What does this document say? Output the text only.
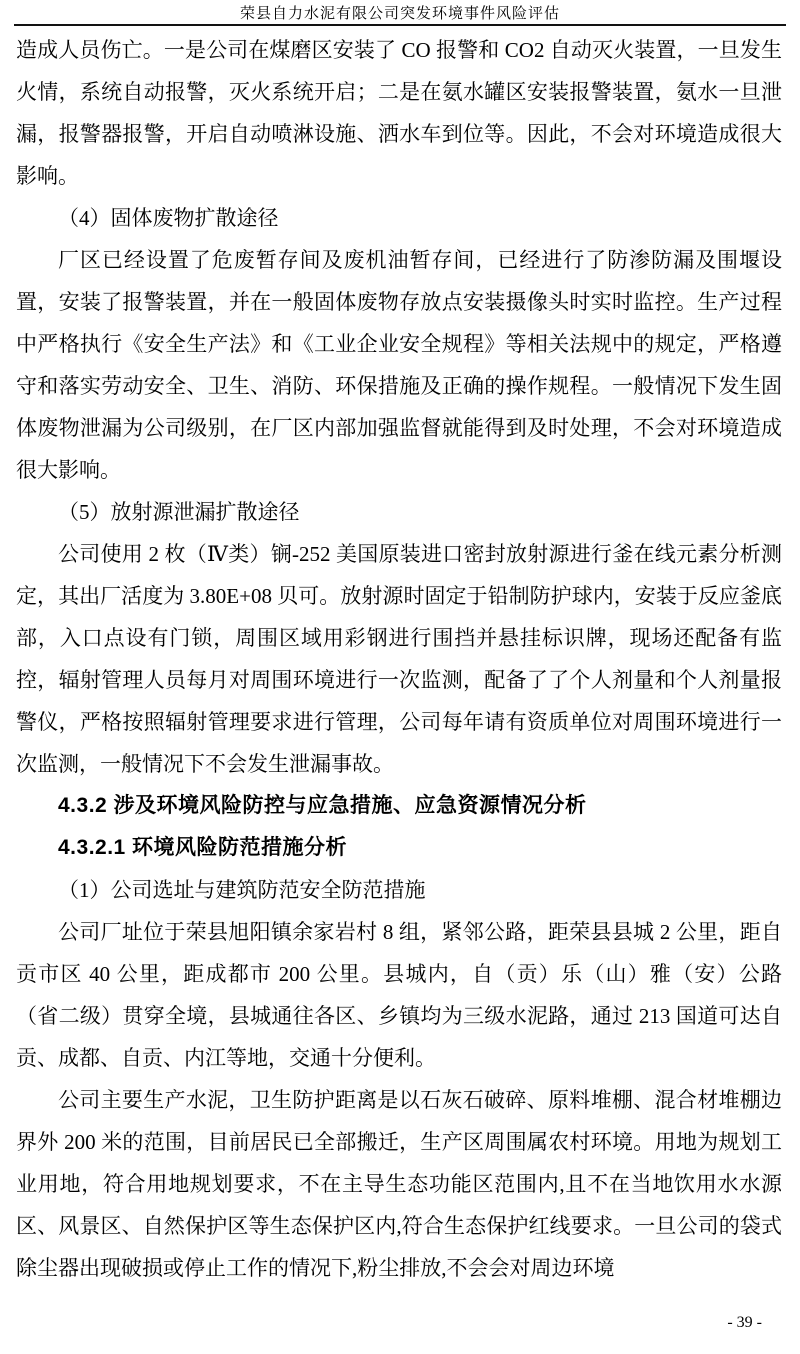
荣县自力水泥有限公司突发环境事件风险评估

造成人员伤亡。一是公司在煤磨区安装了 CO 报警和 CO2 自动灭火装置，一旦发生火情，系统自动报警，灭火系统开启；二是在氨水罐区安装报警装置，氨水一旦泄漏，报警器报警，开启自动喷淋设施、洒水车到位等。因此，不会对环境造成很大影响。

（4）固体废物扩散途径

厂区已经设置了危废暂存间及废机油暂存间，已经进行了防渗防漏及围堰设置，安装了报警装置，并在一般固体废物存放点安装摄像头时实时监控。生产过程中严格执行《安全生产法》和《工业企业安全规程》等相关法规中的规定，严格遵守和落实劳动安全、卫生、消防、环保措施及正确的操作规程。一般情况下发生固体废物泄漏为公司级别，在厂区内部加强监督就能得到及时处理，不会对环境造成很大影响。

（5）放射源泄漏扩散途径

公司使用 2 枚（Ⅳ类）锎-252 美国原装进口密封放射源进行釜在线元素分析测定，其出厂活度为 3.80E+08 贝可。放射源时固定于铅制防护球内，安装于反应釜底部，入口点设有门锁，周围区域用彩钢进行围挡并悬挂标识牌，现场还配备有监控，辐射管理人员每月对周围环境进行一次监测，配备了了个人剂量和个人剂量报警仪，严格按照辐射管理要求进行管理，公司每年请有资质单位对周围环境进行一次监测，一般情况下不会发生泄漏事故。

4.3.2 涉及环境风险防控与应急措施、应急资源情况分析

4.3.2.1 环境风险防范措施分析

（1）公司选址与建筑防范安全防范措施

公司厂址位于荣县旭阳镇余家岩村 8 组，紧邻公路，距荣县县城 2 公里，距自贡市区 40 公里，距成都市 200 公里。县城内，自（贡）乐（山）雅（安）公路（省二级）贯穿全境，县城通往各区、乡镇均为三级水泥路，通过 213 国道可达自贡、成都、自贡、内江等地，交通十分便利。

公司主要生产水泥，卫生防护距离是以石灰石破碎、原料堆棚、混合材堆棚边界外 200 米的范围，目前居民已全部搬迁，生产区周围属农村环境。用地为规划工业用地，符合用地规划要求，不在主导生态功能区范围内,且不在当地饮用水水源区、风景区、自然保护区等生态保护区内,符合生态保护红线要求。一旦公司的袋式除尘器出现破损或停止工作的情况下,粉尘排放,不会会对周边环境

- 39 -
